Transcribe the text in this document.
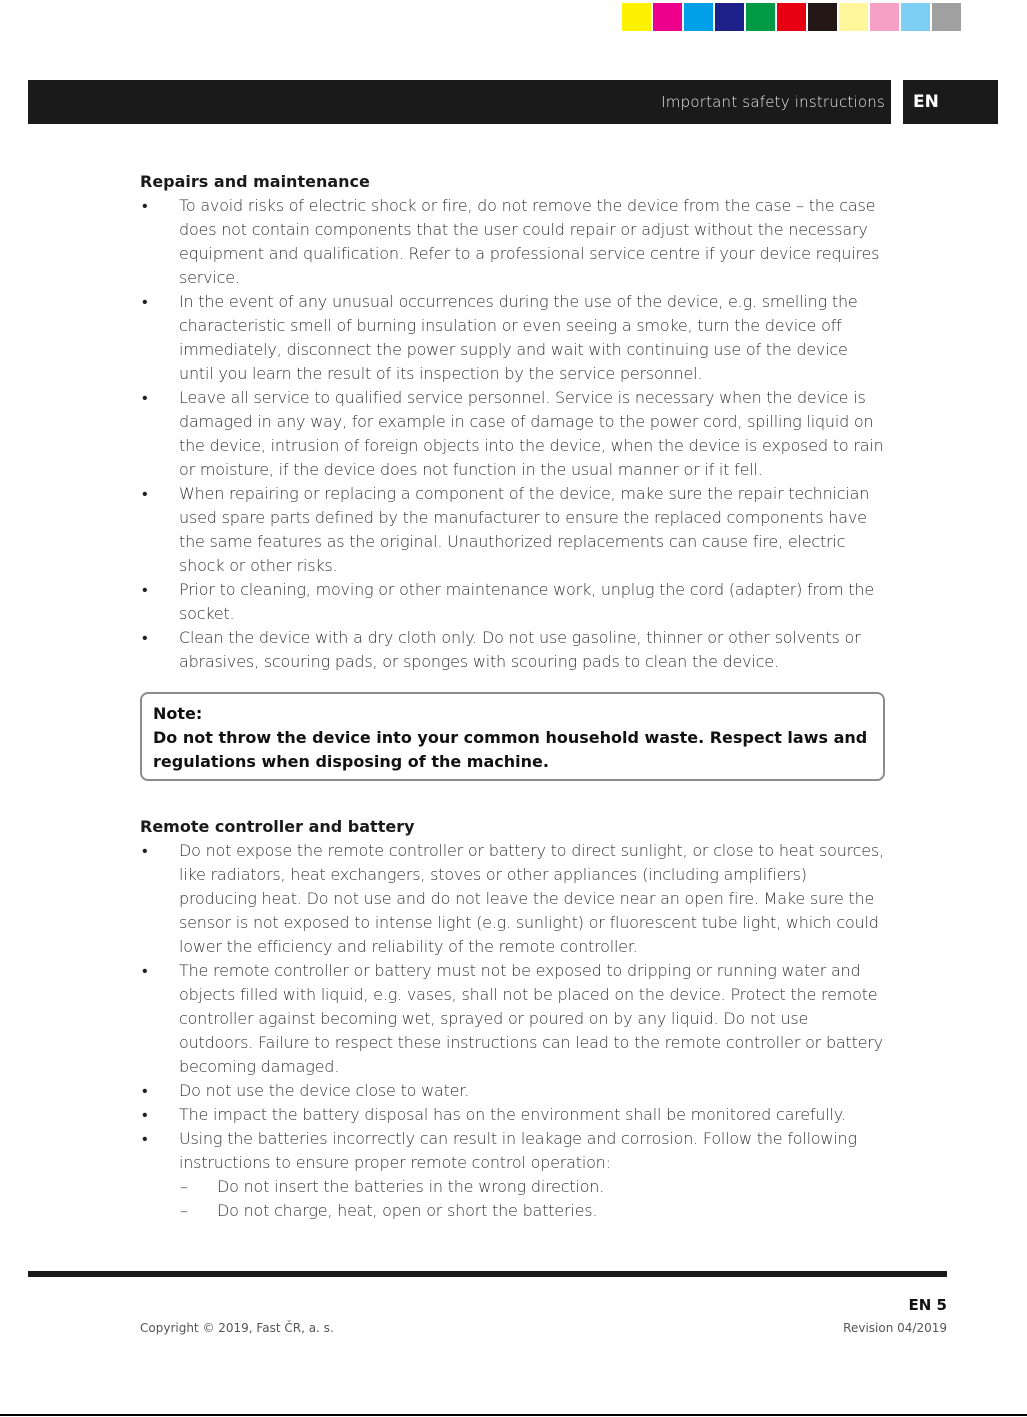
Important safety instructions EN
Repairs and maintenance
• To avoid risks of electric shock or fire, do not remove the device from the case – the case does not contain components that the user could repair or adjust without the necessary equipment and qualification. Refer to a professional service centre if your device requires service.
• In the event of any unusual occurrences during the use of the device, e.g. smelling the characteristic smell of burning insulation or even seeing a smoke, turn the device off immediately, disconnect the power supply and wait with continuing use of the device until you learn the result of its inspection by the service personnel.
• Leave all service to qualified service personnel. Service is necessary when the device is damaged in any way, for example in case of damage to the power cord, spilling liquid on the device, intrusion of foreign objects into the device, when the device is exposed to rain or moisture, if the device does not function in the usual manner or if it fell.
• When repairing or replacing a component of the device, make sure the repair technician used spare parts defined by the manufacturer to ensure the replaced components have the same features as the original. Unauthorized replacements can cause fire, electric shock or other risks.
• Prior to cleaning, moving or other maintenance work, unplug the cord (adapter) from the socket.
• Clean the device with a dry cloth only. Do not use gasoline, thinner or other solvents or abrasives, scouring pads, or sponges with scouring pads to clean the device.
Note:
Do not throw the device into your common household waste. Respect laws and regulations when disposing of the machine.
Remote controller and battery
• Do not expose the remote controller or battery to direct sunlight, or close to heat sources, like radiators, heat exchangers, stoves or other appliances (including amplifiers) producing heat. Do not use and do not leave the device near an open fire. Make sure the sensor is not exposed to intense light (e.g. sunlight) or fluorescent tube light, which could lower the efficiency and reliability of the remote controller.
• The remote controller or battery must not be exposed to dripping or running water and objects filled with liquid, e.g. vases, shall not be placed on the device. Protect the remote controller against becoming wet, sprayed or poured on by any liquid. Do not use outdoors. Failure to respect these instructions can lead to the remote controller or battery becoming damaged.
• Do not use the device close to water.
• The impact the battery disposal has on the environment shall be monitored carefully.
• Using the batteries incorrectly can result in leakage and corrosion. Follow the following instructions to ensure proper remote control operation:
– Do not insert the batteries in the wrong direction.
– Do not charge, heat, open or short the batteries.
EN 5
Copyright © 2019, Fast ČR, a. s.	Revision 04/2019
